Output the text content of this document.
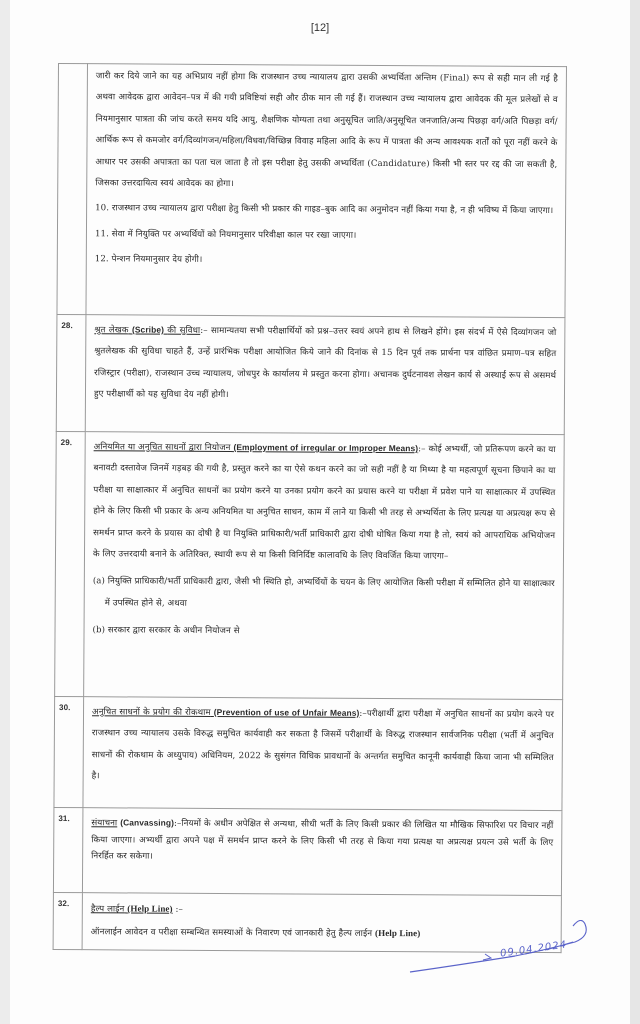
[12]

	जारी कर दिये जाने का यह अभिप्राय नहीं होगा कि राजस्थान उच्च न्यायालय द्वारा उसकी अभ्यर्थिता अन्तिम (Final) रूप से सही मान ली गई है अथवा आवेदक द्वारा आवेदन–पत्र में की गयी प्रविष्टियां सही और ठीक मान ली गई हैं। राजस्थान उच्च न्यायालय द्वारा आवेदक की मूल प्रलेखों से व नियमानुसार पात्रता की जांच करते समय यदि आयु, शैक्षणिक योग्यता तथा अनुसूचित जाति/अनुसूचित जनजाति/अन्य पिछड़ा वर्ग/अति पिछड़ा वर्ग/आर्थिक रूप से कमजोर वर्ग/दिव्यांगजन/महिला/विधवा/विच्छिन्न विवाह महिला आदि के रूप में पात्रता की अन्य आवश्यक शर्तों को पूरा नहीं करने के आधार पर उसकी अपात्रता का पता चल जाता है तो इस परीक्षा हेतु उसकी अभ्यर्थिता (Candidature) किसी भी स्तर पर रद्द की जा सकती है, जिसका उत्तरदायित्व स्वयं आवेदक का होगा।

10. राजस्थान उच्च न्यायालय द्वारा परीक्षा हेतु किसी भी प्रकार की गाइड–बुक आदि का अनुमोदन नहीं किया गया है, न ही भविष्य में किया जाएगा।

11. सेवा में नियुक्ति पर अभ्यर्थियों को नियमानुसार परिवीक्षा काल पर रखा जाएगा।

12. पेन्शन नियमानुसार देय होगी।

28.	श्रुत लेखक (Scribe) की सुविधा:– सामान्यतया सभी परीक्षार्थियों को प्रश्न–उत्तर स्वयं अपने हाथ से लिखने होंगे। इस संदर्भ में ऐसे दिव्यांगजन जो श्रुतलेखक की सुविधा चाहते हैं, उन्हें प्रारंभिक परीक्षा आयोजित किये जाने की दिनांक से 15 दिन पूर्व तक प्रार्थना पत्र वांछित प्रमाण–पत्र सहित रजिस्ट्रार (परीक्षा), राजस्थान उच्च न्यायालय, जोधपुर के कार्यालय मे प्रस्तुत करना होगा। अचानक दुर्घटनावश लेखन कार्य से अस्थाई रूप से असमर्थ हुए परीक्षार्थी को यह सुविधा देय नहीं होगी।

29.	अनियमित या अनुचित साधनों द्वारा नियोजन (Employment of irregular or Improper Means):– कोई अभ्यर्थी, जो प्रतिरूपण करने का या बनावटी दस्तावेज जिनमें गड़बड़ की गयी है, प्रस्तुत करने का या ऐसे कथन करने का जो सही नहीं है या मिथ्या है या महत्वपूर्ण सूचना छिपाने का या परीक्षा या साक्षात्कार में अनुचित साधनों का प्रयोग करने या उनका प्रयोग करने का प्रयास करने या परीक्षा में प्रवेश पाने या साक्षात्कार में उपस्थित होने के लिए किसी भी प्रकार के अन्य अनियमित या अनुचित साधन, काम में लाने या किसी भी तरह से अभ्यर्थिता के लिए प्रत्यक्ष या अप्रत्यक्ष रूप से समर्थन प्राप्त करने के प्रयास का दोषी है या नियुक्ति प्राधिकारी/भर्ती प्राधिकारी द्वारा दोषी घोषित किया गया है तो, स्वयं को आपराधिक अभियोजन के लिए उत्तरदायी बनाने के अतिरिक्त, स्थायी रूप से या किसी विनिर्दिष्ट कालावधि के लिए विवर्जित किया जाएगा–

(a) नियुक्ति प्राधिकारी/भर्ती प्राधिकारी द्वारा, जैसी भी स्थिति हो, अभ्यर्थियों के चयन के लिए आयोजित किसी परीक्षा में सम्मिलित होने या साक्षात्कार में उपस्थित होने से, अथवा

(b) सरकार द्वारा सरकार के अधीन नियोजन से

30.	अनुचित साधनों के प्रयोग की रोकथाम (Prevention of use of Unfair Means):–परीक्षार्थी द्वारा परीक्षा में अनुचित साधनों का प्रयोग करने पर राजस्थान उच्च न्यायालय उसके विरुद्ध समुचित कार्यवाही कर सकता है जिसमें परीक्षार्थी के विरुद्ध राजस्थान सार्वजनिक परीक्षा (भर्ती में अनुचित साधनों की रोकथाम के अध्युपाय) अधिनियम, 2022 के सुसंगत विधिक प्रावधानों के अन्तर्गत समुचित कानूनी कार्यवाही किया जाना भी सम्मिलित है।

31.	संयाचना (Canvassing):–नियमों के अधीन अपेक्षित से अन्यथा, सीधी भर्ती के लिए किसी प्रकार की लिखित या मौखिक सिफारिश पर विचार नहीं किया जाएगा। अभ्यर्थी द्वारा अपने पक्ष में समर्थन प्राप्त करने के लिए किसी भी तरह से किया गया प्रत्यक्ष या अप्रत्यक्ष प्रयत्न उसे भर्ती के लिए निरर्हित कर सकेगा।

32.	हैल्प लाईन (Help Line) :–

ऑनलाईन आवेदन व परीक्षा सम्बन्धित समस्याओं के निवारण एवं जानकारी हेतु हैल्प लाईन (Help Line)

09.04.2024
